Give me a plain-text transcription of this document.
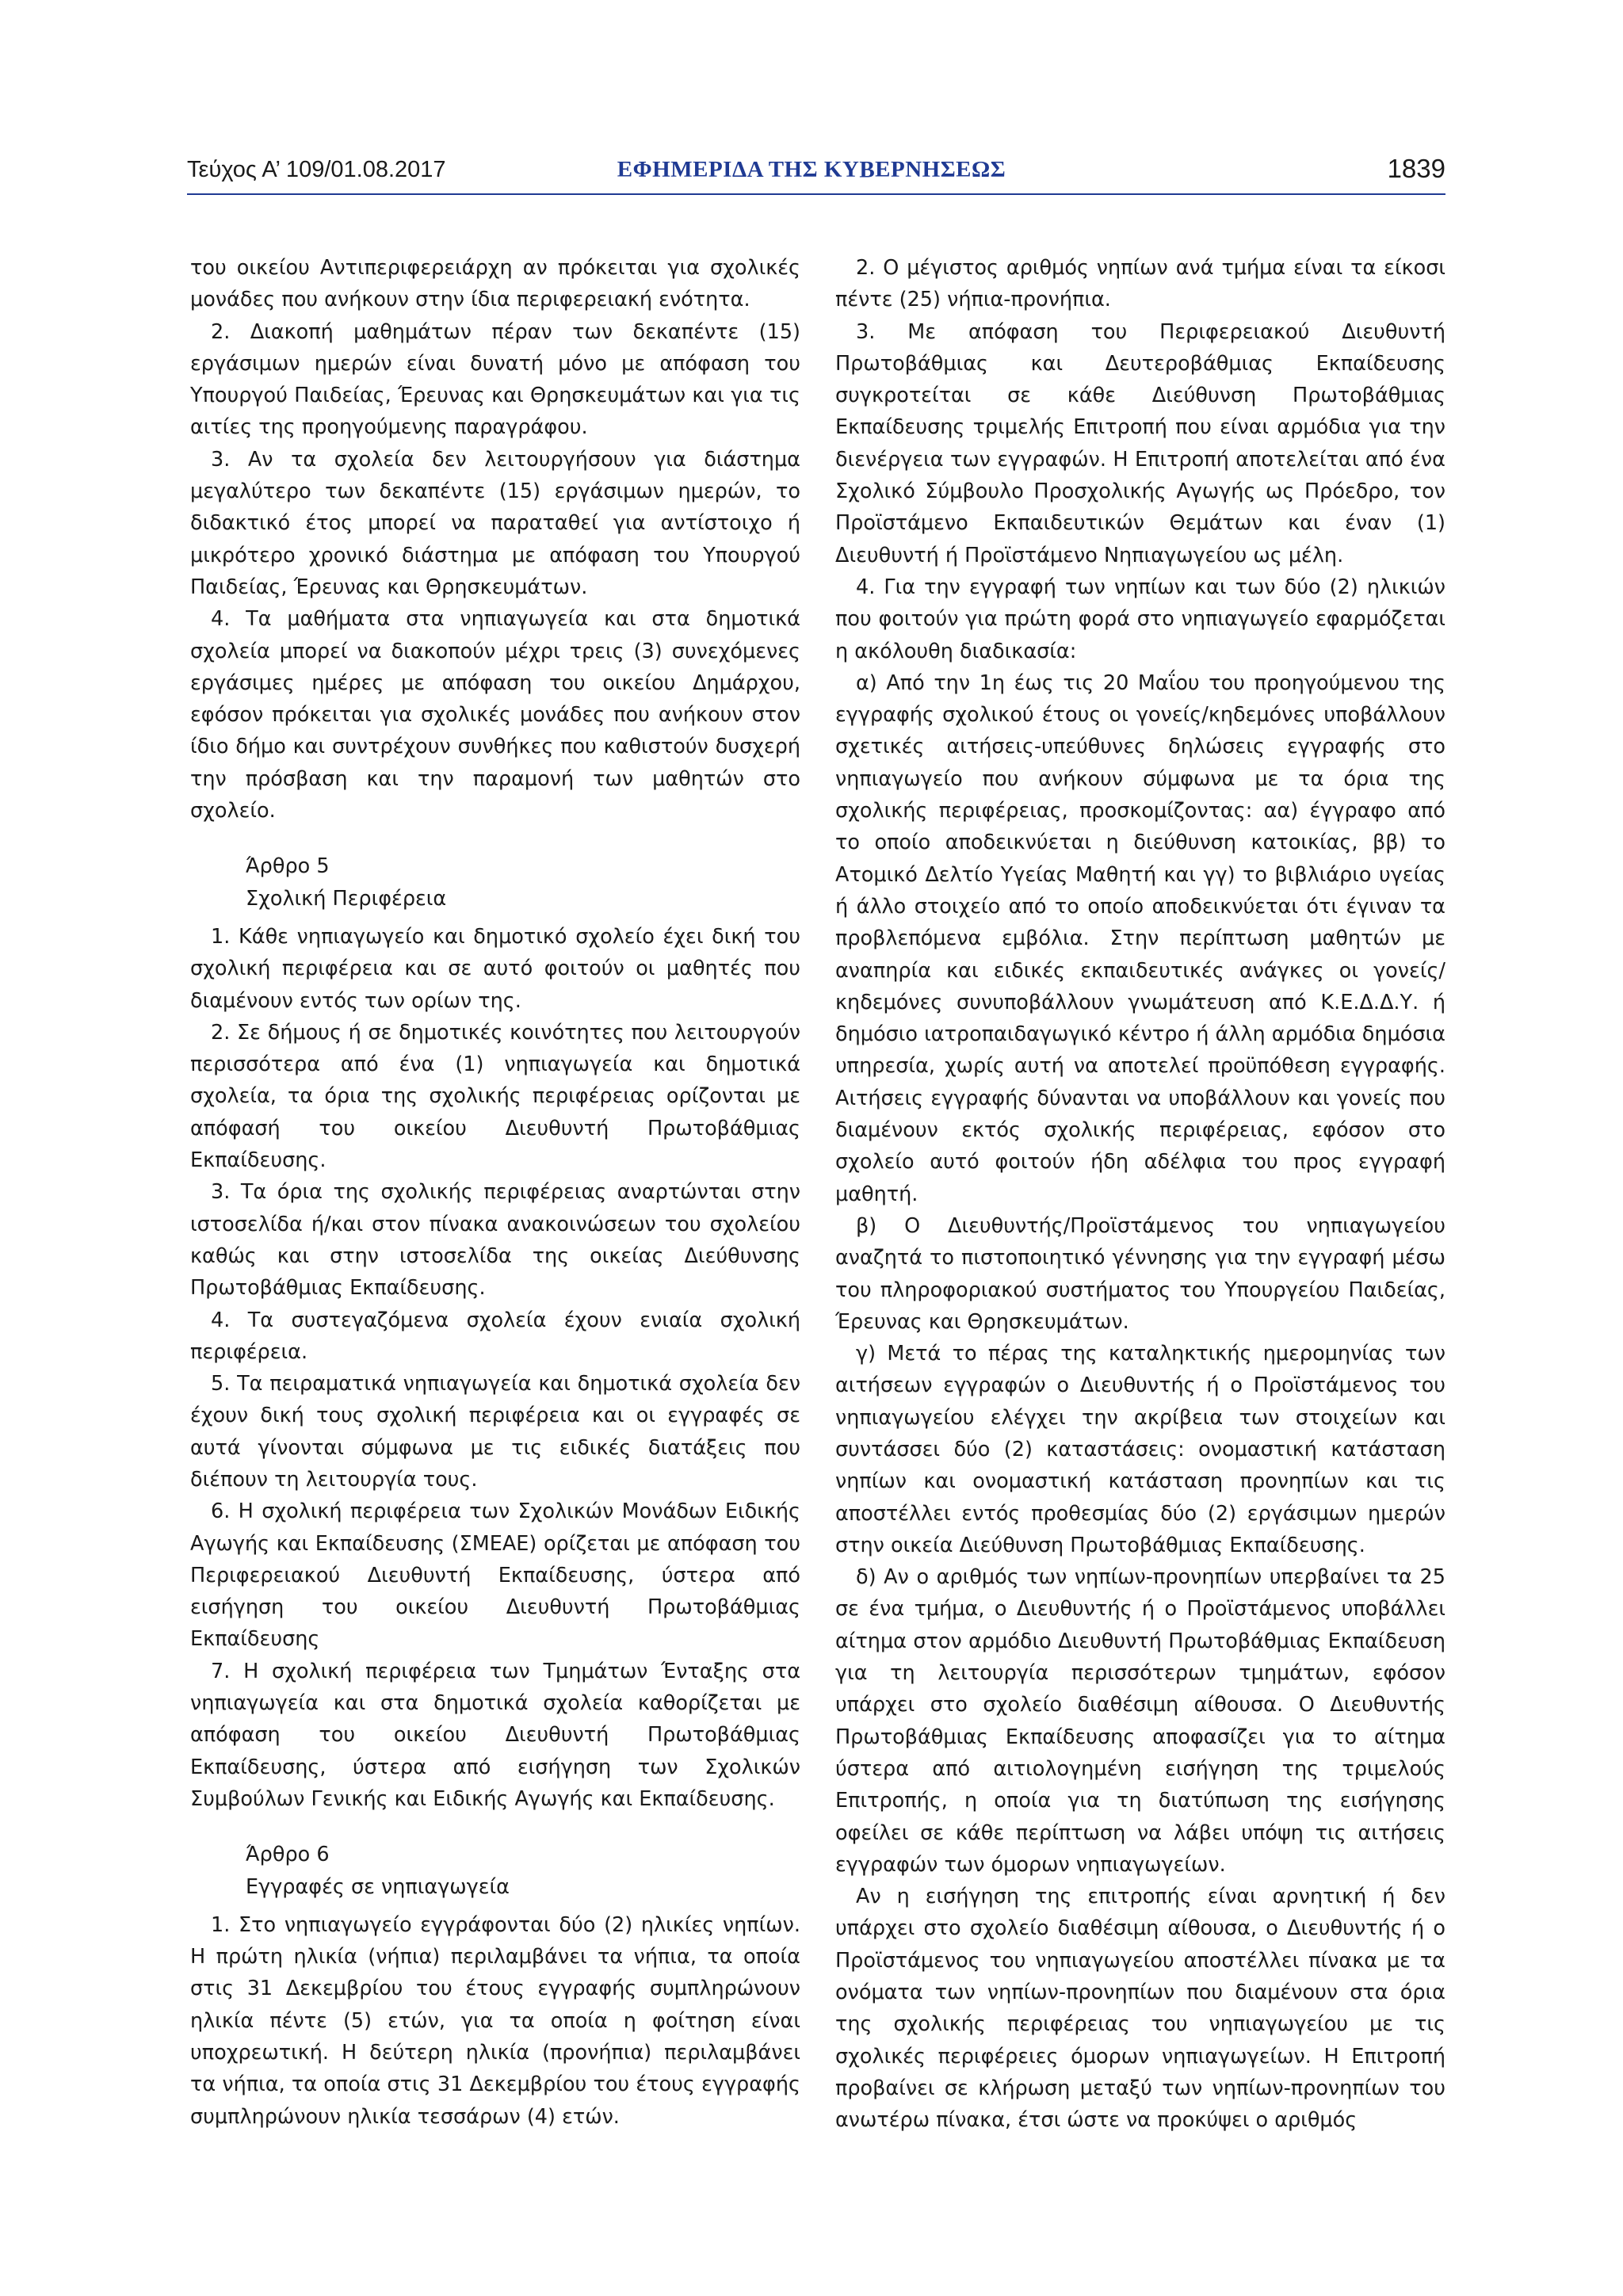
Τεύχος Α’ 109/01.08.2017	ΕΦΗΜΕΡΙΔΑ ΤΗΣ ΚΥΒΕΡΝΗΣΕΩΣ	1839

του οικείου Αντιπεριφερειάρχη αν πρόκειται για σχολικές μονάδες που ανήκουν στην ίδια περιφερειακή ενότητα.

2. Διακοπή μαθημάτων πέραν των δεκαπέντε (15) εργάσιμων ημερών είναι δυνατή μόνο με απόφαση του Υπουργού Παιδείας, Έρευνας και Θρησκευμάτων και για τις αιτίες της προηγούμενης παραγράφου.

3. Αν τα σχολεία δεν λειτουργήσουν για διάστημα μεγαλύτερο των δεκαπέντε (15) εργάσιμων ημερών, το διδακτικό έτος μπορεί να παραταθεί για αντίστοιχο ή μικρότερο χρονικό διάστημα με απόφαση του Υπουργού Παιδείας, Έρευνας και Θρησκευμάτων.

4. Τα μαθήματα στα νηπιαγωγεία και στα δημοτικά σχολεία μπορεί να διακοπούν μέχρι τρεις (3) συνεχόμενες εργάσιμες ημέρες με απόφαση του οικείου Δημάρχου, εφόσον πρόκειται για σχολικές μονάδες που ανήκουν στον ίδιο δήμο και συντρέχουν συνθήκες που καθιστούν δυσχερή την πρόσβαση και την παραμονή των μαθητών στο σχολείο.

Άρθρο 5
Σχολική Περιφέρεια

1. Κάθε νηπιαγωγείο και δημοτικό σχολείο έχει δική του σχολική περιφέρεια και σε αυτό φοιτούν οι μαθητές που διαμένουν εντός των ορίων της.

2. Σε δήμους ή σε δημοτικές κοινότητες που λειτουργούν περισσότερα από ένα (1) νηπιαγωγεία και δημοτικά σχολεία, τα όρια της σχολικής περιφέρειας ορίζονται με απόφασή του οικείου Διευθυντή Πρωτοβάθμιας Εκπαίδευσης.

3. Τα όρια της σχολικής περιφέρειας αναρτώνται στην ιστοσελίδα ή/και στον πίνακα ανακοινώσεων του σχολείου καθώς και στην ιστοσελίδα της οικείας Διεύθυνσης Πρωτοβάθμιας Εκπαίδευσης.

4. Τα συστεγαζόμενα σχολεία έχουν ενιαία σχολική περιφέρεια.

5. Τα πειραματικά νηπιαγωγεία και δημοτικά σχολεία δεν έχουν δική τους σχολική περιφέρεια και οι εγγραφές σε αυτά γίνονται σύμφωνα με τις ειδικές διατάξεις που διέπουν τη λειτουργία τους.

6. Η σχολική περιφέρεια των Σχολικών Μονάδων Ειδικής Αγωγής και Εκπαίδευσης (ΣΜΕΑΕ) ορίζεται με απόφαση του Περιφερειακού Διευθυντή Εκπαίδευσης, ύστερα από εισήγηση του οικείου Διευθυντή Πρωτοβάθμιας Εκπαίδευσης

7. Η σχολική περιφέρεια των Τμημάτων Ένταξης στα νηπιαγωγεία και στα δημοτικά σχολεία καθορίζεται με απόφαση του οικείου Διευθυντή Πρωτοβάθμιας Εκπαίδευσης, ύστερα από εισήγηση των Σχολικών Συμβούλων Γενικής και Ειδικής Αγωγής και Εκπαίδευσης.

Άρθρο 6
Εγγραφές σε νηπιαγωγεία

1. Στο νηπιαγωγείο εγγράφονται δύο (2) ηλικίες νηπίων. Η πρώτη ηλικία (νήπια) περιλαμβάνει τα νήπια, τα οποία στις 31 Δεκεμβρίου του έτους εγγραφής συμπληρώνουν ηλικία πέντε (5) ετών, για τα οποία η φοίτηση είναι υποχρεωτική. Η δεύτερη ηλικία (προνήπια) περιλαμβάνει τα νήπια, τα οποία στις 31 Δεκεμβρίου του έτους εγγραφής συμπληρώνουν ηλικία τεσσάρων (4) ετών.

2. Ο μέγιστος αριθμός νηπίων ανά τμήμα είναι τα είκοσι πέντε (25) νήπια-προνήπια.

3. Με απόφαση του Περιφερειακού Διευθυντή Πρωτοβάθμιας και Δευτεροβάθμιας Εκπαίδευσης συγκροτείται σε κάθε Διεύθυνση Πρωτοβάθμιας Εκπαίδευσης τριμελής Επιτροπή που είναι αρμόδια για την διενέργεια των εγγραφών. Η Επιτροπή αποτελείται από ένα Σχολικό Σύμβουλο Προσχολικής Αγωγής ως Πρόεδρο, τον Προϊστάμενο Εκπαιδευτικών Θεμάτων και έναν (1) Διευθυντή ή Προϊστάμενο Νηπιαγωγείου ως μέλη.

4. Για την εγγραφή των νηπίων και των δύο (2) ηλικιών που φοιτούν για πρώτη φορά στο νηπιαγωγείο εφαρμόζεται η ακόλουθη διαδικασία:

α) Από την 1η έως τις 20 Μαΐου του προηγούμενου της εγγραφής σχολικού έτους οι γονείς/κηδεμόνες υποβάλλουν σχετικές αιτήσεις-υπεύθυνες δηλώσεις εγγραφής στο νηπιαγωγείο που ανήκουν σύμφωνα με τα όρια της σχολικής περιφέρειας, προσκομίζοντας: αα) έγγραφο από το οποίο αποδεικνύεται η διεύθυνση κατοικίας, ββ) το Ατομικό Δελτίο Υγείας Μαθητή και γγ) το βιβλιάριο υγείας ή άλλο στοιχείο από το οποίο αποδεικνύεται ότι έγιναν τα προβλεπόμενα εμβόλια. Στην περίπτωση μαθητών με αναπηρία και ειδικές εκπαιδευτικές ανάγκες οι γονείς/ κηδεμόνες συνυποβάλλουν γνωμάτευση από Κ.Ε.Δ.Δ.Υ. ή δημόσιο ιατροπαιδαγωγικό κέντρο ή άλλη αρμόδια δημόσια υπηρεσία, χωρίς αυτή να αποτελεί προϋπόθεση εγγραφής. Αιτήσεις εγγραφής δύνανται να υποβάλλουν και γονείς που διαμένουν εκτός σχολικής περιφέρειας, εφόσον στο σχολείο αυτό φοιτούν ήδη αδέλφια του προς εγγραφή μαθητή.

β) Ο Διευθυντής/Προϊστάμενος του νηπιαγωγείου αναζητά το πιστοποιητικό γέννησης για την εγγραφή μέσω του πληροφοριακού συστήματος του Υπουργείου Παιδείας, Έρευνας και Θρησκευμάτων.

γ) Μετά το πέρας της καταληκτικής ημερομηνίας των αιτήσεων εγγραφών ο Διευθυντής ή ο Προϊστάμενος του νηπιαγωγείου ελέγχει την ακρίβεια των στοιχείων και συντάσσει δύο (2) καταστάσεις: ονομαστική κατάσταση νηπίων και ονομαστική κατάσταση προνηπίων και τις αποστέλλει εντός προθεσμίας δύο (2) εργάσιμων ημερών στην οικεία Διεύθυνση Πρωτοβάθμιας Εκπαίδευσης.

δ) Αν ο αριθμός των νηπίων-προνηπίων υπερβαίνει τα 25 σε ένα τμήμα, ο Διευθυντής ή ο Προϊστάμενος υποβάλλει αίτημα στον αρμόδιο Διευθυντή Πρωτοβάθμιας Εκπαίδευση για τη λειτουργία περισσότερων τμημάτων, εφόσον υπάρχει στο σχολείο διαθέσιμη αίθουσα. Ο Διευθυντής Πρωτοβάθμιας Εκπαίδευσης αποφασίζει για το αίτημα ύστερα από αιτιολογημένη εισήγηση της τριμελούς Επιτροπής, η οποία για τη διατύπωση της εισήγησης οφείλει σε κάθε περίπτωση να λάβει υπόψη τις αιτήσεις εγγραφών των όμορων νηπιαγωγείων.

Αν η εισήγηση της επιτροπής είναι αρνητική ή δεν υπάρχει στο σχολείο διαθέσιμη αίθουσα, ο Διευθυντής ή ο Προϊστάμενος του νηπιαγωγείου αποστέλλει πίνακα με τα ονόματα των νηπίων-προνηπίων που διαμένουν στα όρια της σχολικής περιφέρειας του νηπιαγωγείου με τις σχολικές περιφέρειες όμορων νηπιαγωγείων. Η Επιτροπή προβαίνει σε κλήρωση μεταξύ των νηπίων-προνηπίων του ανωτέρω πίνακα, έτσι ώστε να προκύψει ο αριθμός
